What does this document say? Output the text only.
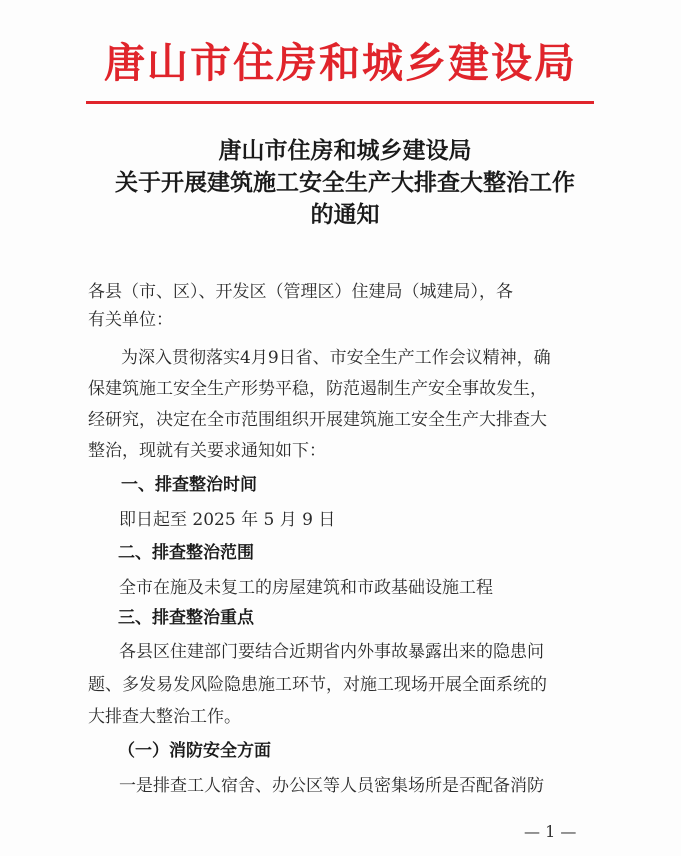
唐山市住房和城乡建设局
唐山市住房和城乡建设局
关于开展建筑施工安全生产大排查大整治工作
的通知
各县（市、区）、开发区（管理区）住建局（城建局），各
有关单位：
为深入贯彻落实4月9日省、市安全生产工作会议精神，确
保建筑施工安全生产形势平稳，防范遏制生产安全事故发生，
经研究，决定在全市范围组织开展建筑施工安全生产大排查大
整治，现就有关要求通知如下：
一、排查整治时间
即日起至 2025 年 5 月 9 日
二、排查整治范围
全市在施及未复工的房屋建筑和市政基础设施工程
三、排查整治重点
各县区住建部门要结合近期省内外事故暴露出来的隐患问
题、多发易发风险隐患施工环节，对施工现场开展全面系统的
大排查大整治工作。
（一）消防安全方面
一是排查工人宿舍、办公区等人员密集场所是否配备消防
— 1 —
